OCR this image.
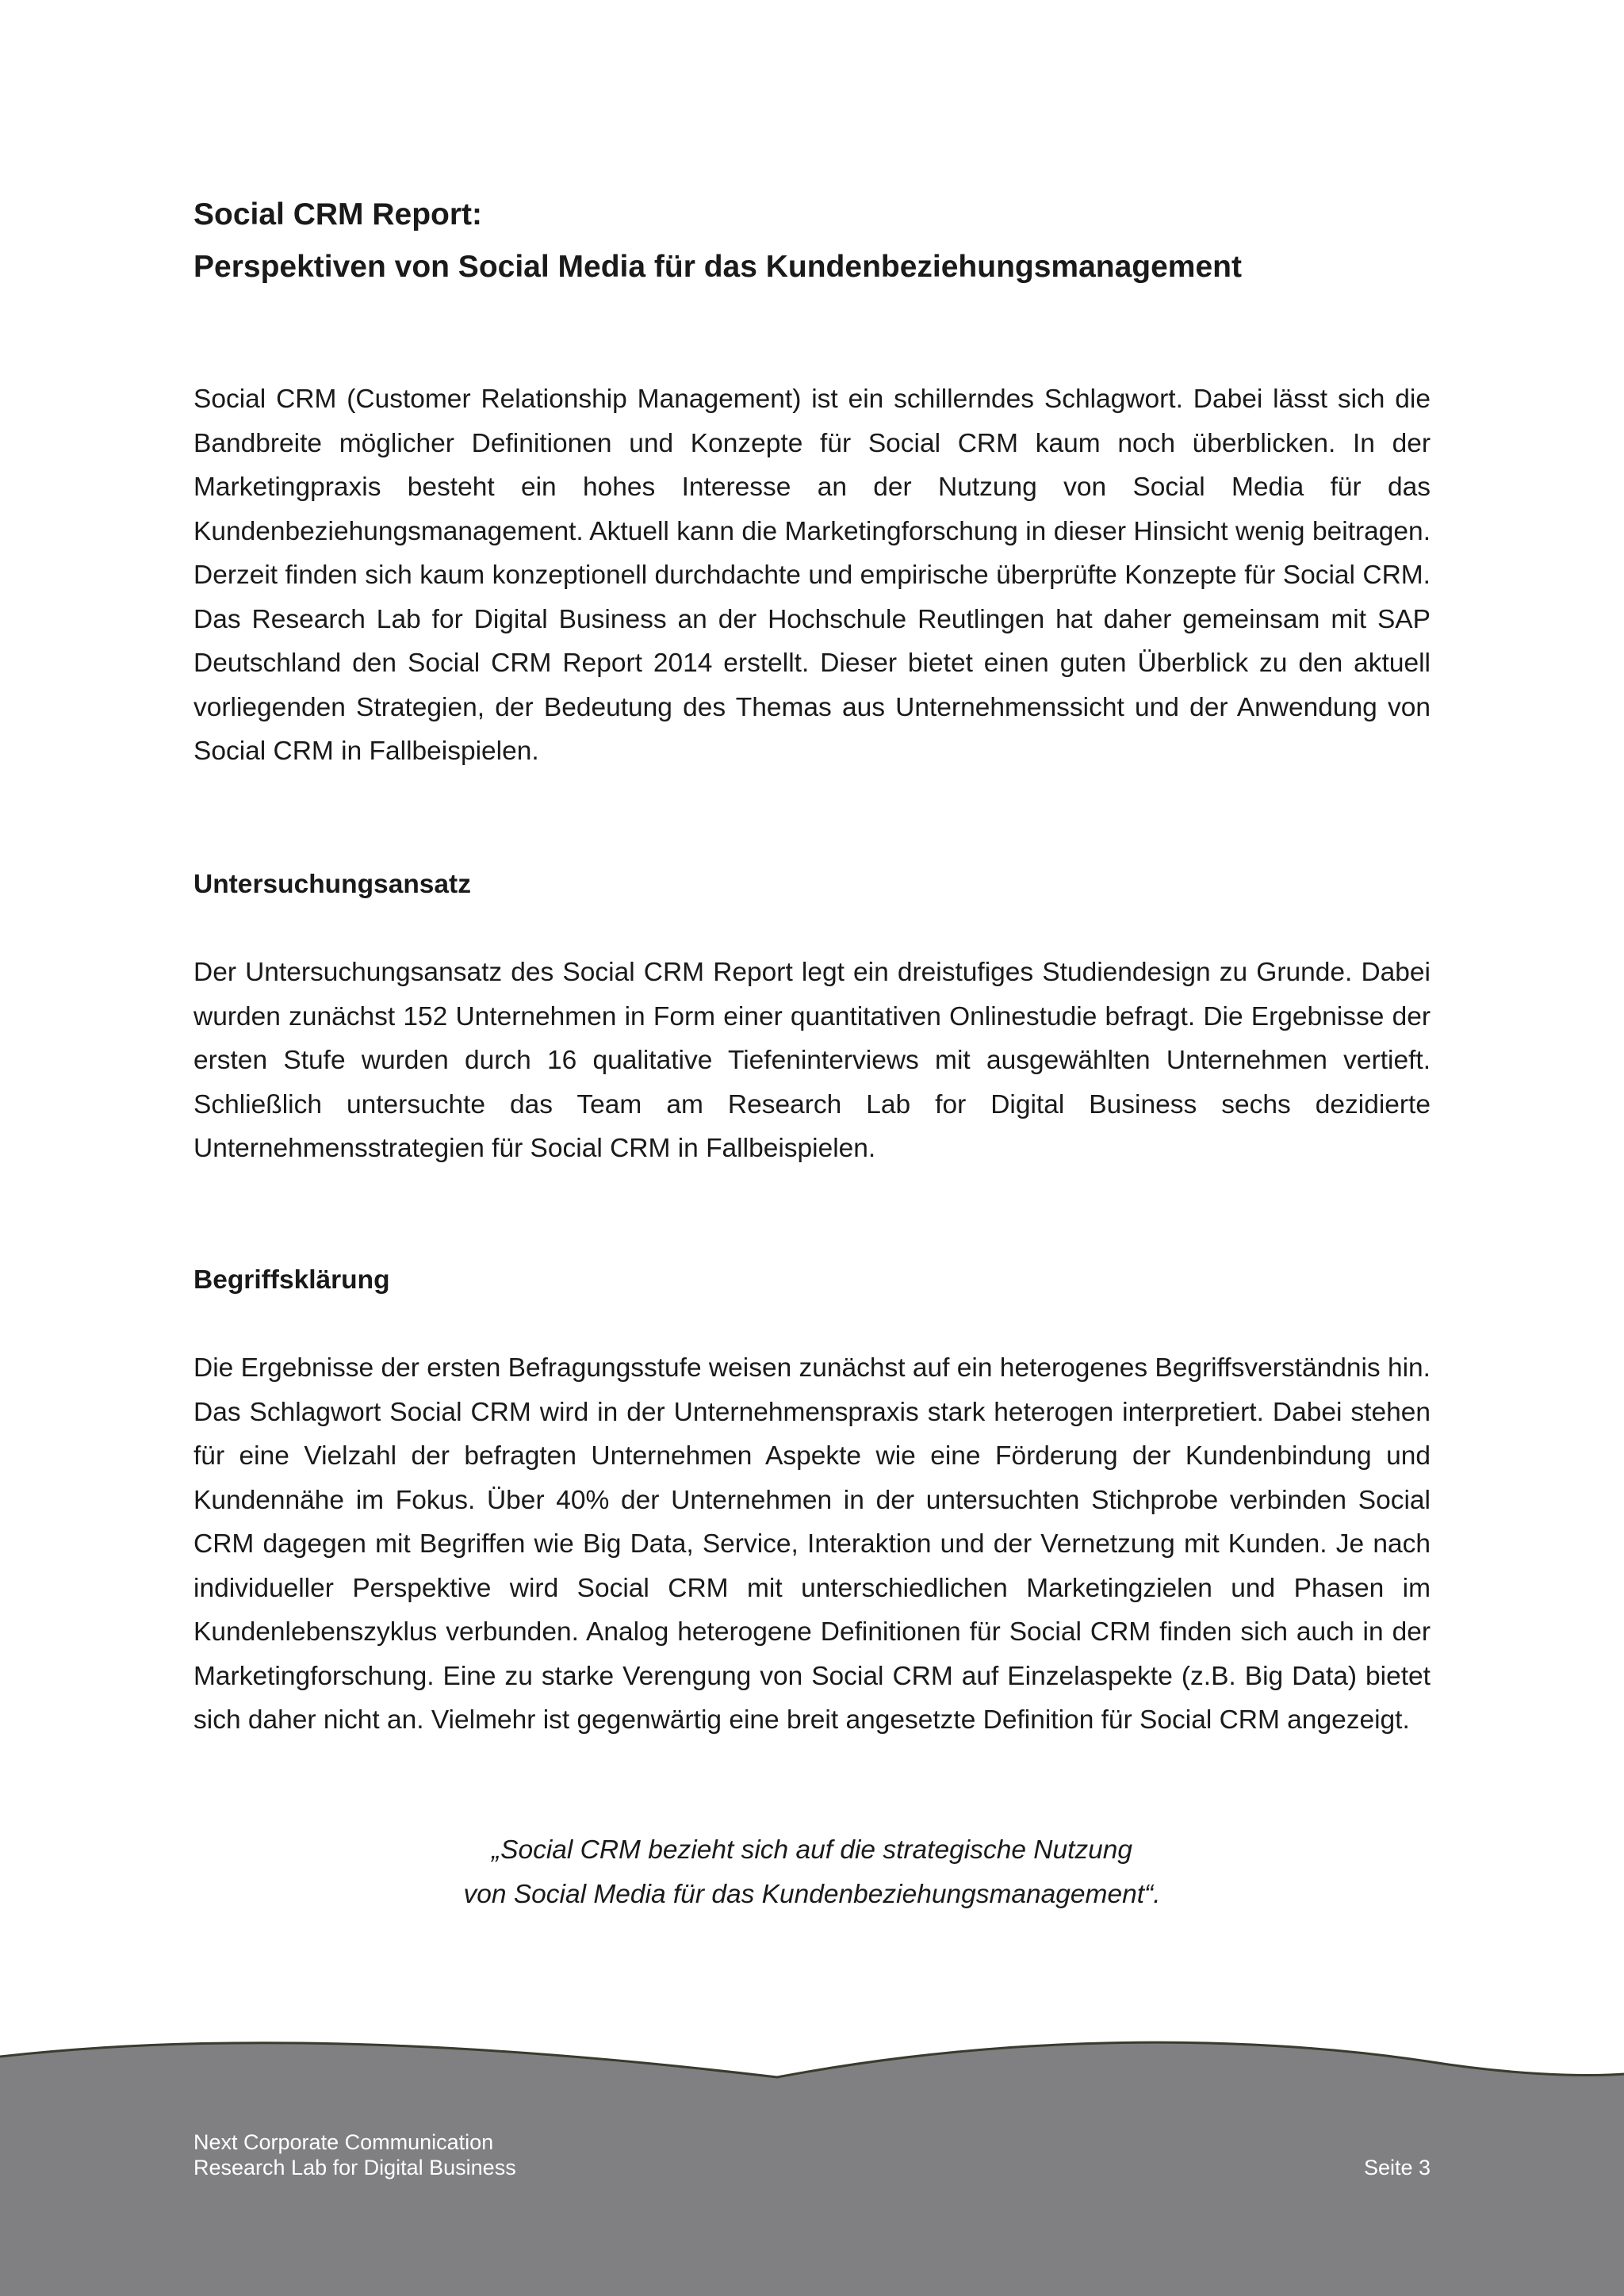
Social CRM Report:
Perspektiven von Social Media für das Kundenbeziehungsmanagement

Social CRM (Customer Relationship Management) ist ein schillerndes Schlagwort. Dabei lässt sich die Bandbreite möglicher Definitionen und Konzepte für Social CRM kaum noch überblicken. In der Marketingpraxis besteht ein hohes Interesse an der Nutzung von Social Media für das Kundenbeziehungsmanagement. Aktuell kann die Marketingforschung in dieser Hinsicht wenig beitragen. Derzeit finden sich kaum konzeptionell durchdachte und empirische überprüfte Konzepte für Social CRM. Das Research Lab for Digital Business an der Hochschule Reutlingen hat daher gemeinsam mit SAP Deutschland den Social CRM Report 2014 erstellt. Dieser bietet einen guten Überblick zu den aktuell vorliegenden Strategien, der Bedeutung des Themas aus Unternehmenssicht und der Anwendung von Social CRM in Fallbeispielen.

Untersuchungsansatz

Der Untersuchungsansatz des Social CRM Report legt ein dreistufiges Studiendesign zu Grunde. Dabei wurden zunächst 152 Unternehmen in Form einer quantitativen Onlinestudie befragt. Die Ergebnisse der ersten Stufe wurden durch 16 qualitative Tiefeninterviews mit ausgewählten Unternehmen vertieft. Schließlich untersuchte das Team am Research Lab for Digital Business sechs dezidierte Unternehmensstrategien für Social CRM in Fallbeispielen.

Begriffsklärung

Die Ergebnisse der ersten Befragungsstufe weisen zunächst auf ein heterogenes Begriffsverständnis hin. Das Schlagwort Social CRM wird in der Unternehmenspraxis stark heterogen interpretiert. Dabei stehen für eine Vielzahl der befragten Unternehmen Aspekte wie eine Förderung der Kundenbindung und Kundennähe im Fokus. Über 40% der Unternehmen in der untersuchten Stichprobe verbinden Social CRM dagegen mit Begriffen wie Big Data, Service, Interaktion und der Vernetzung mit Kunden. Je nach individueller Perspektive wird Social CRM mit unterschiedlichen Marketingzielen und Phasen im Kundenlebenszyklus verbunden. Analog heterogene Definitionen für Social CRM finden sich auch in der Marketingforschung. Eine zu starke Verengung von Social CRM auf Einzelaspekte (z.B. Big Data) bietet sich daher nicht an. Vielmehr ist gegenwärtig eine breit angesetzte Definition für Social CRM angezeigt.

„Social CRM bezieht sich auf die strategische Nutzung
von Social Media für das Kundenbeziehungsmanagement“.

Next Corporate Communication
Research Lab for Digital Business	Seite 3
